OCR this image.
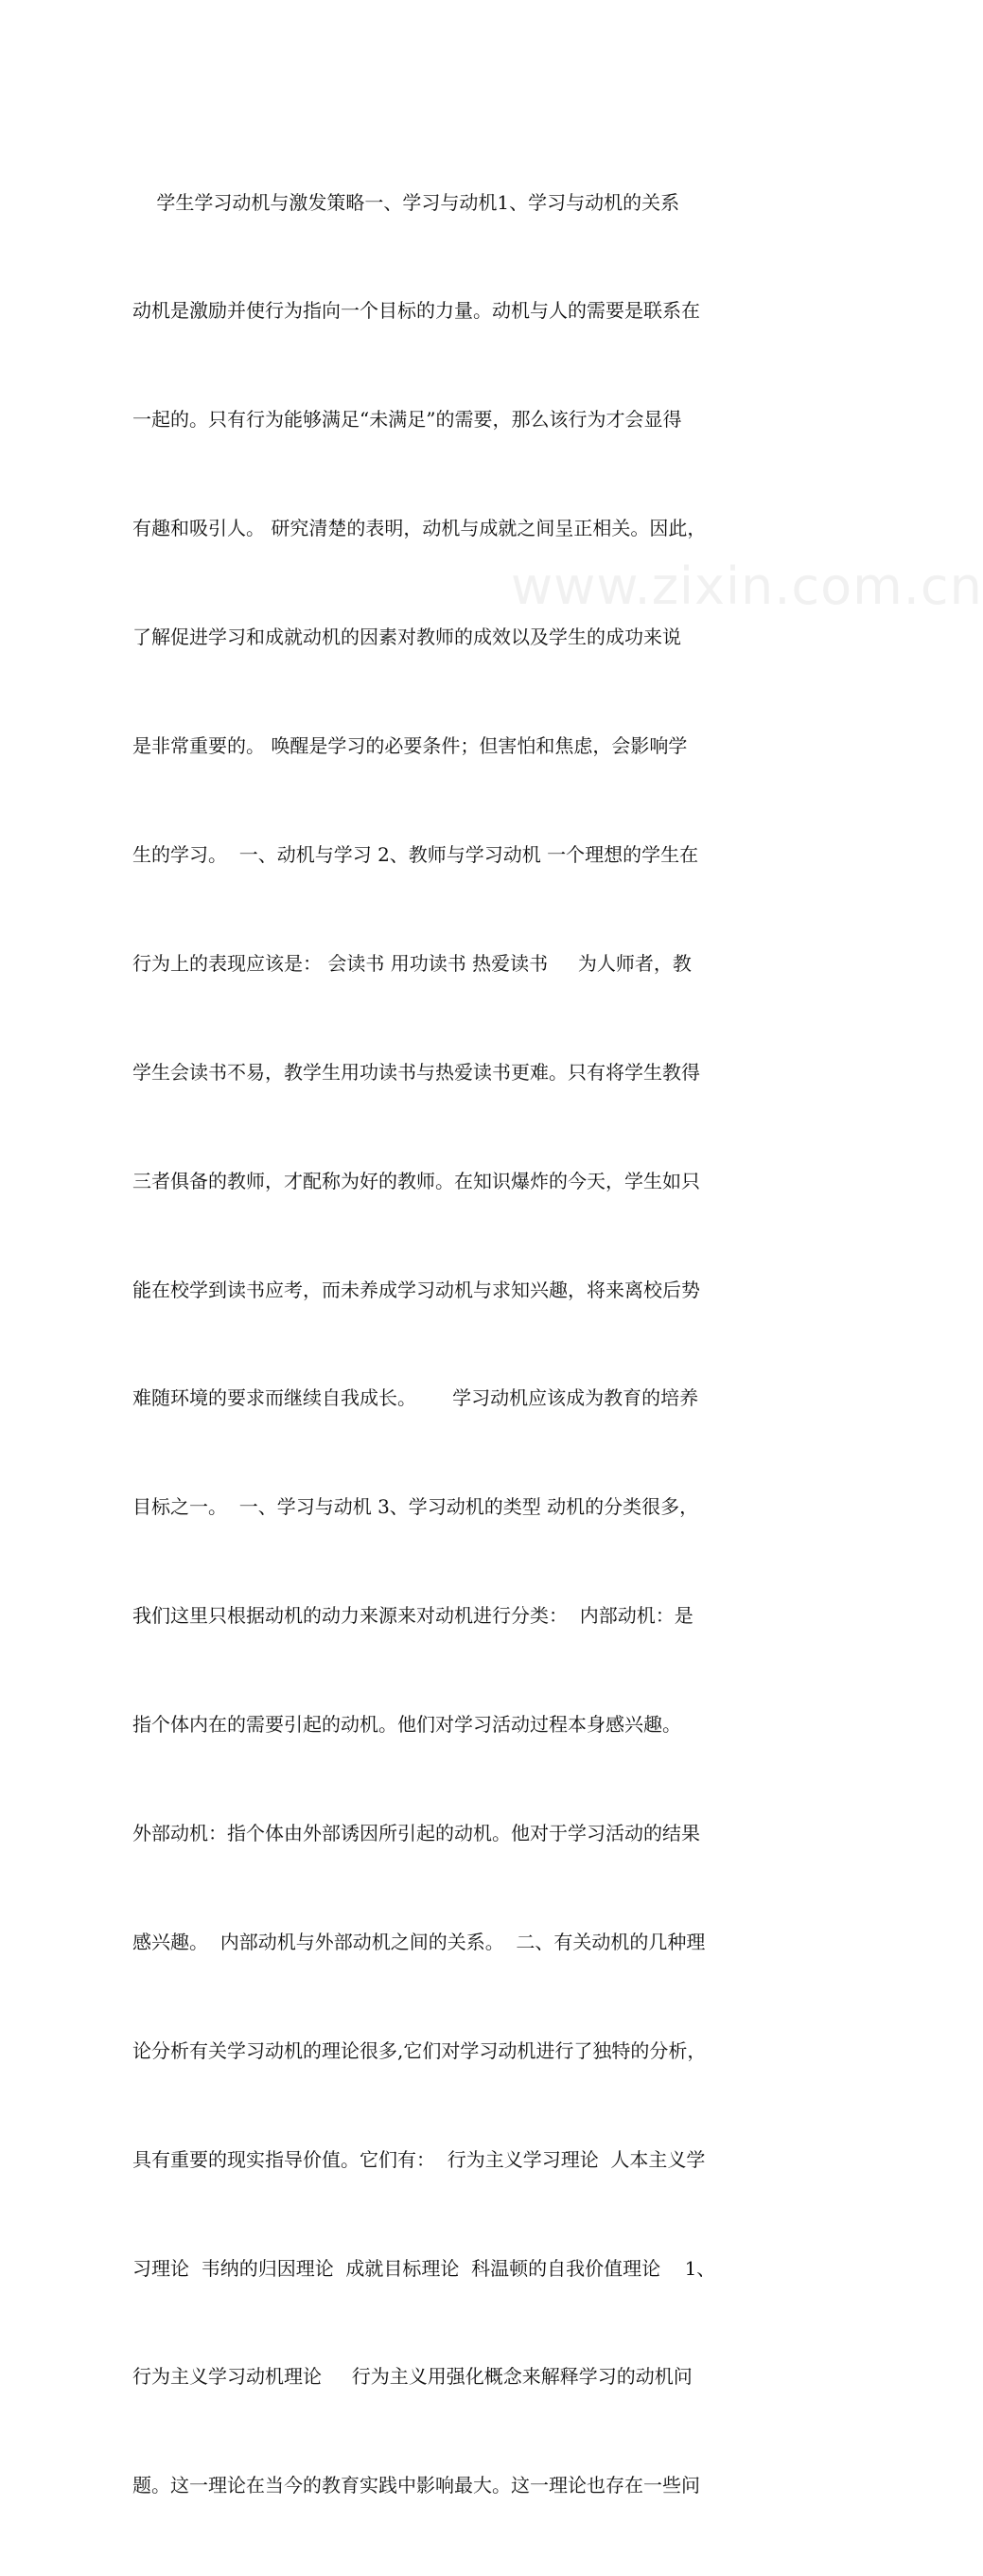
学生学习动机与激发策略一、学习与动机1、学习与动机的关系

动机是激励并使行为指向一个目标的力量。动机与人的需要是联系在

一起的。只有行为能够满足“未满足”的需要，那么该行为才会显得

有趣和吸引人。 研究清楚的表明，动机与成就之间呈正相关。因此，

了解促进学习和成就动机的因素对教师的成效以及学生的成功来说

是非常重要的。 唤醒是学习的必要条件；但害怕和焦虑，会影响学

生的学习。  一、动机与学习 2、教师与学习动机 一个理想的学生在

行为上的表现应该是： 会读书 用功读书 热爱读书     为人师者，教

学生会读书不易，教学生用功读书与热爱读书更难。只有将学生教得

三者俱备的教师，才配称为好的教师。在知识爆炸的今天，学生如只

能在校学到读书应考，而未养成学习动机与求知兴趣，将来离校后势

难随环境的要求而继续自我成长。      学习动机应该成为教育的培养

目标之一。  一、学习与动机 3、学习动机的类型 动机的分类很多，

我们这里只根据动机的动力来源来对动机进行分类：  内部动机：是

指个体内在的需要引起的动机。他们对学习活动过程本身感兴趣。

外部动机：指个体由外部诱因所引起的动机。他对于学习活动的结果

感兴趣。  内部动机与外部动机之间的关系。  二、有关动机的几种理

论分析有关学习动机的理论很多,它们对学习动机进行了独特的分析，

具有重要的现实指导价值。它们有：  行为主义学习理论  人本主义学

习理论  韦纳的归因理论  成就目标理论  科温顿的自我价值理论    1、

行为主义学习动机理论     行为主义用强化概念来解释学习的动机问

题。这一理论在当今的教育实践中影响最大。这一理论也存在一些问

www.zixin.com.cn
